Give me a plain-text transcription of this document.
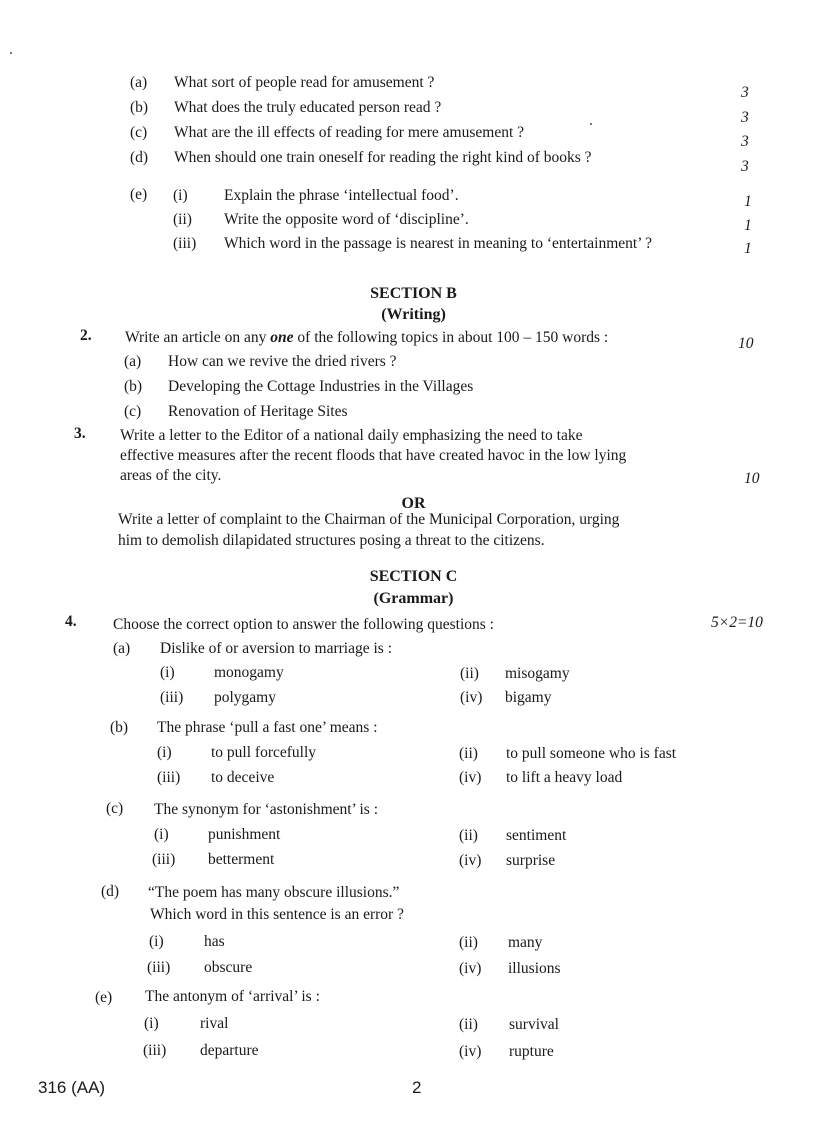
(a) What sort of people read for amusement ?
3
(b) What does the truly educated person read ?
3
(c) What are the ill effects of reading for mere amusement ?
3
(d) When should one train oneself for reading the right kind of books ?
3
(e) (i) Explain the phrase ‘intellectual food’.	1
(ii) Write the opposite word of ‘discipline’.	1
(iii) Which word in the passage is nearest in meaning to ‘entertainment’ ?	1
SECTION B
(Writing)
2. Write an article on any one of the following topics in about 100 – 150 words :	10
(a) How can we revive the dried rivers ?
(b) Developing the Cottage Industries in the Villages
(c) Renovation of Heritage Sites
3. Write a letter to the Editor of a national daily emphasizing the need to take
effective measures after the recent floods that have created havoc in the low lying
areas of the city.	10
OR
Write a letter of complaint to the Chairman of the Municipal Corporation, urging
him to demolish dilapidated structures posing a threat to the citizens.
SECTION C
(Grammar)
4. Choose the correct option to answer the following questions :	5×2=10
(a) Dislike of or aversion to marriage is :
(i)	monogamy	(ii) misogamy
(iii) polygamy	(iv) bigamy
(b) The phrase ‘pull a fast one’ means :
(i)	to pull forcefully	(ii) to pull someone who is fast
(iii) to deceive	(iv) to lift a heavy load
(c) The synonym for ‘astonishment’ is :
(i)	punishment	(ii) sentiment
(iii) betterment	(iv) surprise
(d) “The poem has many obscure illusions.”
Which word in this sentence is an error ?
(i)	has	(ii) many
(iii) obscure	(iv) illusions
(e) The antonym of ‘arrival’ is :
(i)	rival	(ii) survival
(iii) departure	(iv) rupture
316 (AA)	2
